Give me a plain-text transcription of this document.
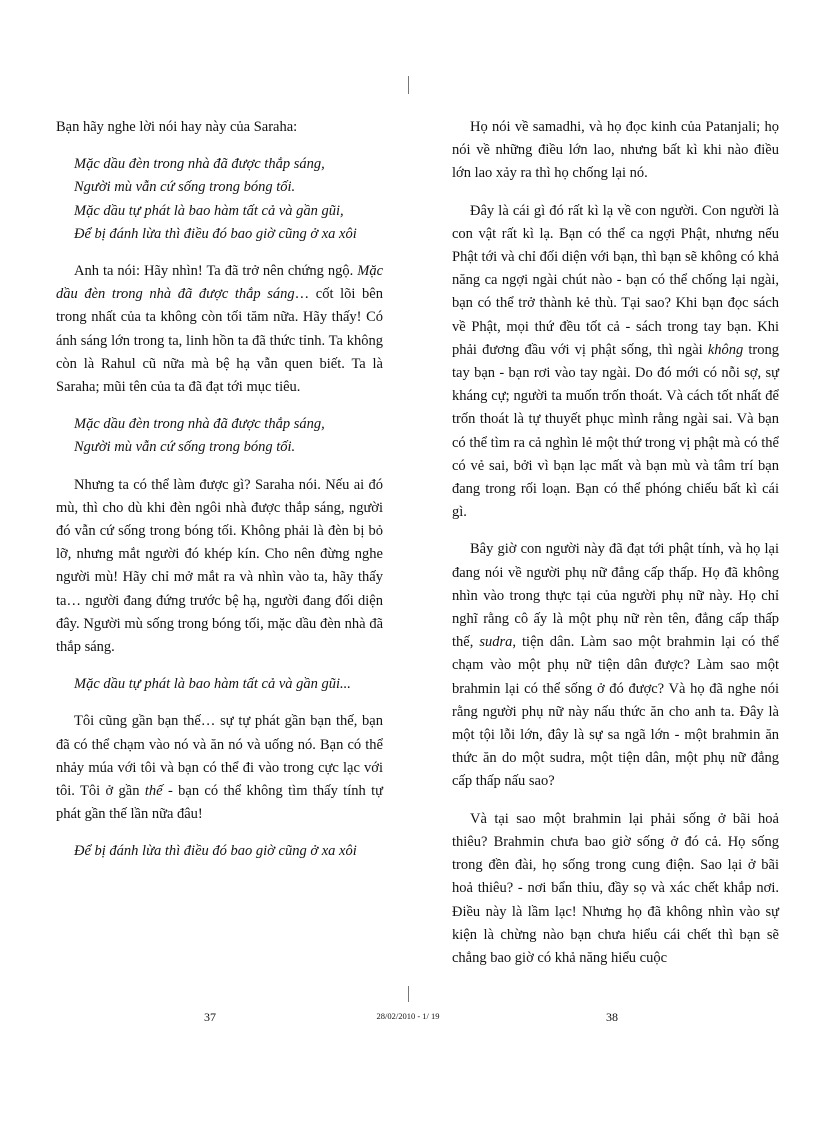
Bạn hãy nghe lời nói hay này của Saraha:

Mặc dầu đèn trong nhà đã được thắp sáng,
Người mù vẫn cứ sống trong bóng tối.
Mặc dầu tự phát là bao hàm tất cả và gần gũi,
Để bị đánh lừa thì điều đó bao giờ cũng ở xa xôi

Anh ta nói: Hãy nhìn! Ta đã trở nên chứng ngộ. Mặc dầu đèn trong nhà đã được thắp sáng… cốt lõi bên trong nhất của ta không còn tối tăm nữa. Hãy thấy! Có ánh sáng lớn trong ta, linh hồn ta đã thức tỉnh. Ta không còn là Rahul cũ nữa mà bệ hạ vẫn quen biết. Ta là Saraha; mũi tên của ta đã đạt tới mục tiêu.

Mặc dầu đèn trong nhà đã được thắp sáng,
Người mù vẫn cứ sống trong bóng tối.

Nhưng ta có thể làm được gì? Saraha nói. Nếu ai đó mù, thì cho dù khi đèn ngôi nhà được thắp sáng, người đó vẫn cứ sống trong bóng tối. Không phải là đèn bị bỏ lỡ, nhưng mắt người đó khép kín. Cho nên đừng nghe người mù! Hãy chỉ mở mắt ra và nhìn vào ta, hãy thấy ta… người đang đứng trước bệ hạ, người đang đối diện đây. Người mù sống trong bóng tối, mặc dầu đèn nhà đã thắp sáng.

Mặc dầu tự phát là bao hàm tất cả và gần gũi...

Tôi cũng gần bạn thế… sự tự phát gần bạn thế, bạn đã có thể chạm vào nó và ăn nó và uống nó. Bạn có thể nhảy múa với tôi và bạn có thể đi vào trong cực lạc với tôi. Tôi ở gần thế - bạn có thể không tìm thấy tính tự phát gần thế lần nữa đâu!

Để bị đánh lừa thì điều đó bao giờ cũng ở xa xôi

Họ nói về samadhi, và họ đọc kinh của Patanjali; họ nói về những điều lớn lao, nhưng bất kì khi nào điều lớn lao xảy ra thì họ chống lại nó.

Đây là cái gì đó rất kì lạ về con người. Con người là con vật rất kì lạ. Bạn có thể ca ngợi Phật, nhưng nếu Phật tới và chỉ đối diện với bạn, thì bạn sẽ không có khả năng ca ngợi ngài chút nào - bạn có thể chống lại ngài, bạn có thể trở thành kẻ thù. Tại sao? Khi bạn đọc sách về Phật, mọi thứ đều tốt cả - sách trong tay bạn. Khi phải đương đầu với vị phật sống, thì ngài không trong tay bạn - bạn rơi vào tay ngài. Do đó mới có nỗi sợ, sự kháng cự; người ta muốn trốn thoát. Và cách tốt nhất để trốn thoát là tự thuyết phục mình rằng ngài sai. Và bạn có thể tìm ra cả nghìn lẻ một thứ trong vị phật mà có thể có vẻ sai, bởi vì bạn lạc mất và bạn mù và tâm trí bạn đang trong rối loạn. Bạn có thể phóng chiếu bất kì cái gì.

Bây giờ con người này đã đạt tới phật tính, và họ lại đang nói về người phụ nữ đẳng cấp thấp. Họ đã không nhìn vào trong thực tại của người phụ nữ này. Họ chỉ nghĩ rằng cô ấy là một phụ nữ rèn tên, đẳng cấp thấp thế, sudra, tiện dân. Làm sao một brahmin lại có thể chạm vào một phụ nữ tiện dân được? Làm sao một brahmin lại có thể sống ở đó được? Và họ đã nghe nói rằng người phụ nữ này nấu thức ăn cho anh ta. Đây là một tội lỗi lớn, đây là sự sa ngã lớn - một brahmin ăn thức ăn do một sudra, một tiện dân, một phụ nữ đẳng cấp thấp nấu sao?

Và tại sao một brahmin lại phải sống ở bãi hoả thiêu? Brahmin chưa bao giờ sống ở đó cả. Họ sống trong đền đài, họ sống trong cung điện. Sao lại ở bãi hoả thiêu? - nơi bẩn thỉu, đầy sọ và xác chết khắp nơi. Điều này là lầm lạc! Nhưng họ đã không nhìn vào sự kiện là chừng nào bạn chưa hiểu cái chết thì bạn sẽ chẳng bao giờ có khả năng hiểu cuộc

37	28/02/2010 - 1/ 19	38
